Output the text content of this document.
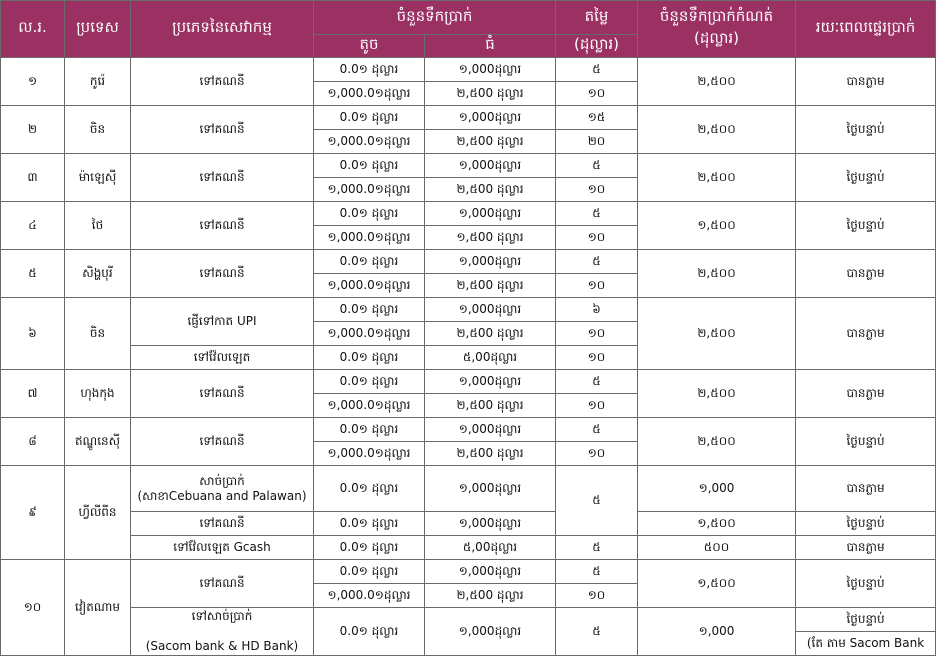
ល.រ.	ប្រទេស	ប្រភេទនៃសេវាកម្ម	ចំនួនទឹកប្រាក់		តម្លៃ	ចំនួនទឹកប្រាក់កំណត់
(ដុល្លារ)	រយៈពេលផ្ទេរប្រាក់
			តូច	ធំ	(ដុល្លារ)		
១	កូរ៉េ	ទៅគណនី	0.0១ ដុល្លារ	១,000ដុល្លារ	៥	២,៥០០	បានភ្លាម
			១,000.0១ដុល្លារ	២,៥00 ដុល្លារ	១០		
២	ចិន	ទៅគណនី	0.0១ ដុល្លារ	១,000ដុល្លារ	១៥	២,៥០០	ថ្ងៃបន្ទាប់
			១,000.0១ដុល្លារ	២,៥00 ដុល្លារ	២០		
៣	ម៉ាឡេស៊ី	ទៅគណនី	0.0១ ដុល្លារ	១,000ដុល្លារ	៥	២,៥០០	ថ្ងៃបន្ទាប់
			១,000.0១ដុល្លារ	២,៥00 ដុល្លារ	១០		
៤	ថៃ	ទៅគណនី	0.0១ ដុល្លារ	១,000ដុល្លារ	៥	១,៥០០	ថ្ងៃបន្ទាប់
			១,000.0១ដុល្លារ	១,៥00 ដុល្លារ	១០		
៥	សិង្ហបុរី	ទៅគណនី	0.0១ ដុល្លារ	១,000ដុល្លារ	៥	២,៥០០	បានភ្លាម
			១,000.0១ដុល្លារ	២,៥00 ដុល្លារ	១០		
៦	ចិន	ផ្ញើទៅកាត UPI	0.0១ ដុល្លារ	១,000ដុល្លារ	៦	២,៥០០	បានភ្លាម
			១,000.0១ដុល្លារ	២,៥00 ដុល្លារ	១០		
		ទៅវ៉ែលឡេត	0.0១ ដុល្លារ	៥,00ដុល្លារ	១០		
៧	ហុងកុង	ទៅគណនី	0.0១ ដុល្លារ	១,000ដុល្លារ	៥	២,៥០០	បានភ្លាម
			១,000.0១ដុល្លារ	២,៥00 ដុល្លារ	១០		
៨	ឥណ្ឌូនេស៊ី	ទៅគណនី	0.0១ ដុល្លារ	១,000ដុល្លារ	៥	២,៥០០	ថ្ងៃបន្ទាប់
			១,000.0១ដុល្លារ	២,៥00 ដុល្លារ	១០		
៩	ហ្វីលីពីន	សាច់ប្រាក់
(សាខាCebuana and Palawan)	0.0១ ដុល្លារ	១,000ដុល្លារ	៥	១,000	បានភ្លាម
		ទៅគណនី	0.0១ ដុល្លារ	១,000ដុល្លារ		១,៥០០	ថ្ងៃបន្ទាប់
		ទៅវ៉ែលឡេត Gcash	0.0១ ដុល្លារ	៥,00ដុល្លារ	៥	៥០០	បានភ្លាម
១០	វៀតណាម	ទៅគណនី	0.0១ ដុល្លារ	១,000ដុល្លារ	៥	១,៥០០	ថ្ងៃបន្ទាប់
			១,000.0១ដុល្លារ	២,៥00 ដុល្លារ	១០		
		ទៅសាច់ប្រាក់

(Sacom bank & HD Bank)	0.0១ ដុល្លារ	១,000ដុល្លារ	៥	១,000	ថ្ងៃបន្ទាប់
							(តែ តាម Sacom Bank
